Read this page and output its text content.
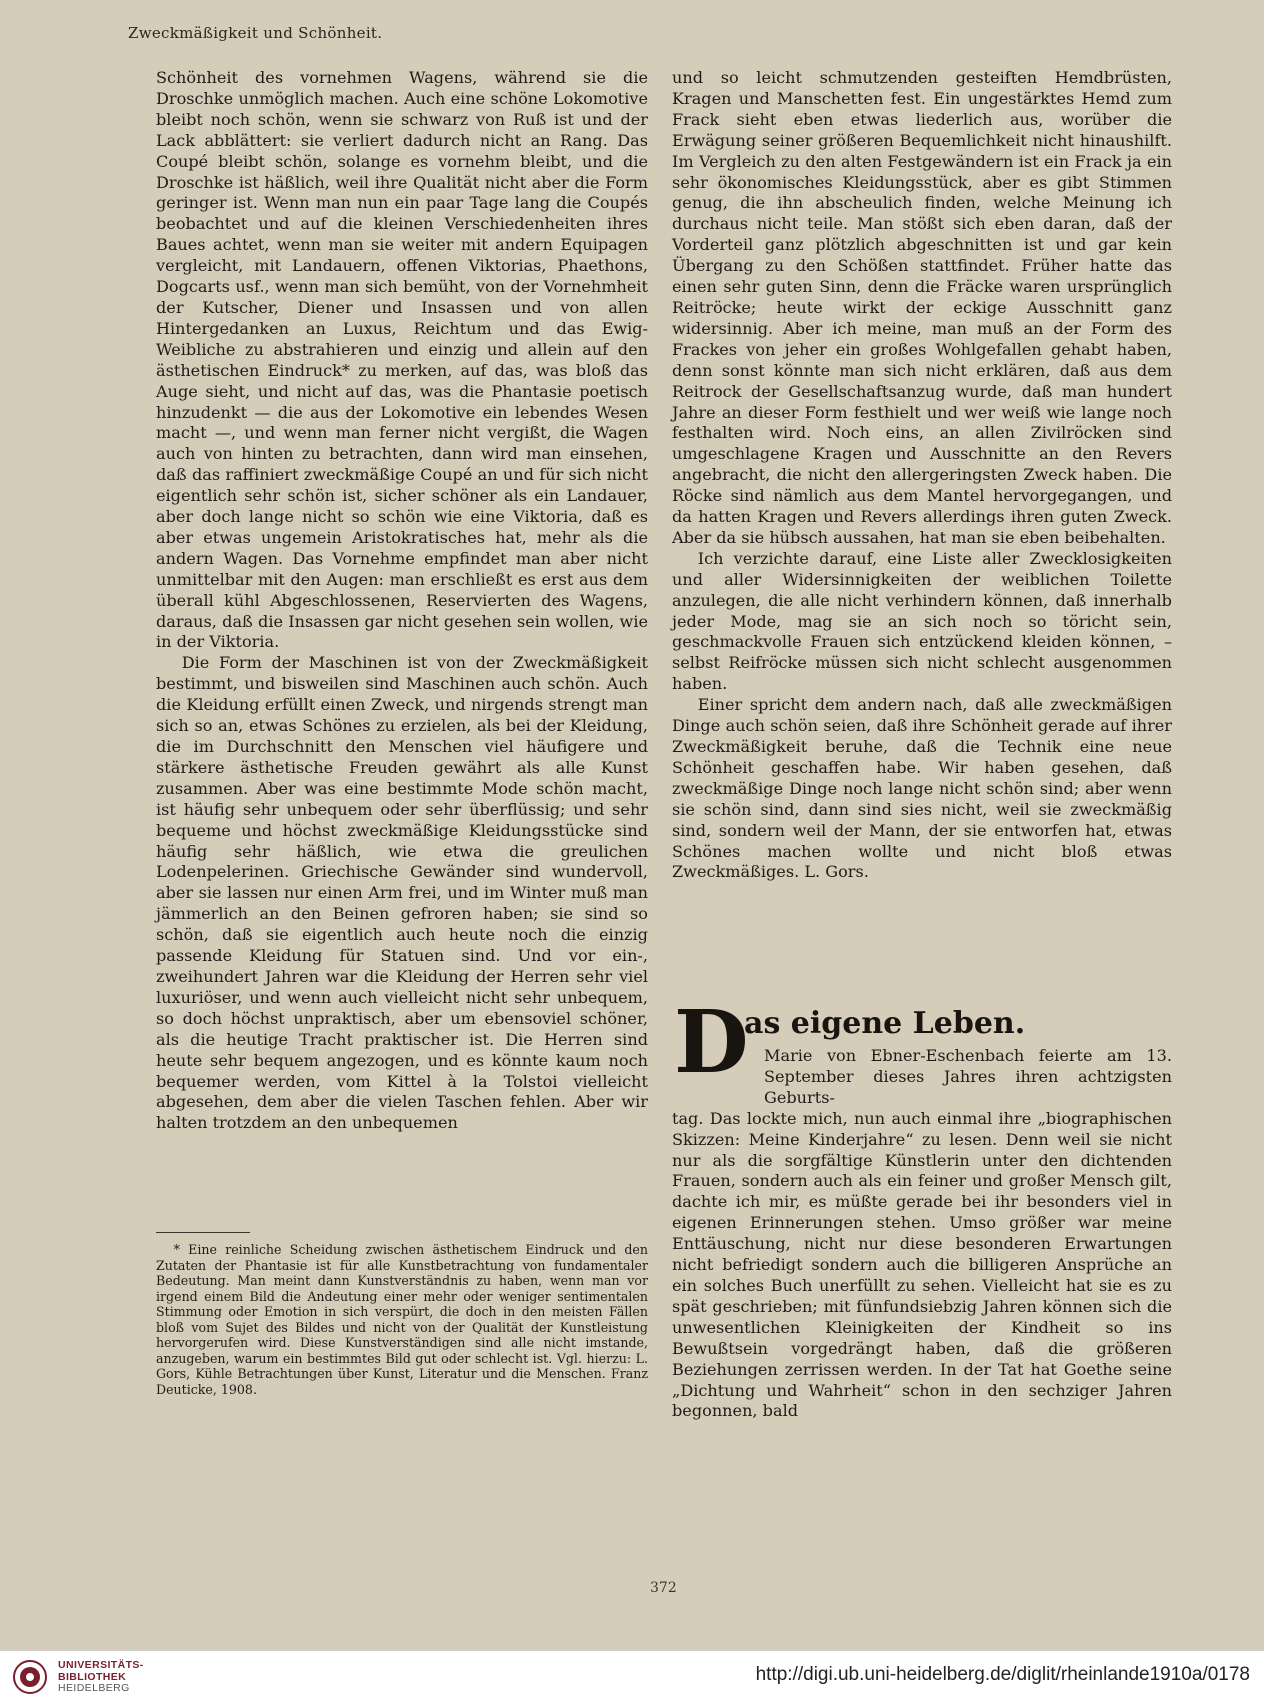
Zweckmäßigkeit und Schönheit.

Schönheit des vornehmen Wagens, während sie die Droschke unmöglich machen. Auch eine schöne Lokomotive bleibt noch schön, wenn sie schwarz von Ruß ist und der Lack abblättert: sie verliert dadurch nicht an Rang. Das Coupé bleibt schön, solange es vornehm bleibt, und die Droschke ist häßlich, weil ihre Qualität nicht aber die Form geringer ist. Wenn man nun ein paar Tage lang die Coupés beobachtet und auf die kleinen Verschiedenheiten ihres Baues achtet, wenn man sie weiter mit andern Equipagen vergleicht, mit Landauern, offenen Viktorias, Phaethons, Dogcarts usf., wenn man sich bemüht, von der Vornehmheit der Kutscher, Diener und Insassen und von allen Hintergedanken an Luxus, Reichtum und das Ewig-Weibliche zu abstrahieren und einzig und allein auf den ästhetischen Eindruck* zu merken, auf das, was bloß das Auge sieht, und nicht auf das, was die Phantasie poetisch hinzudenkt — die aus der Lokomotive ein lebendes Wesen macht —, und wenn man ferner nicht vergißt, die Wagen auch von hinten zu betrachten, dann wird man einsehen, daß das raffiniert zweckmäßige Coupé an und für sich nicht eigentlich sehr schön ist, sicher schöner als ein Landauer, aber doch lange nicht so schön wie eine Viktoria, daß es aber etwas ungemein Aristokratisches hat, mehr als die andern Wagen. Das Vornehme empfindet man aber nicht unmittelbar mit den Augen: man erschließt es erst aus dem überall kühl Abgeschlossenen, Reservierten des Wagens, daraus, daß die Insassen gar nicht gesehen sein wollen, wie in der Viktoria.

Die Form der Maschinen ist von der Zweckmäßigkeit bestimmt, und bisweilen sind Maschinen auch schön. Auch die Kleidung erfüllt einen Zweck, und nirgends strengt man sich so an, etwas Schönes zu erzielen, als bei der Kleidung, die im Durchschnitt den Menschen viel häufigere und stärkere ästhetische Freuden gewährt als alle Kunst zusammen. Aber was eine bestimmte Mode schön macht, ist häufig sehr unbequem oder sehr überflüssig; und sehr bequeme und höchst zweckmäßige Kleidungsstücke sind häufig sehr häßlich, wie etwa die greulichen Lodenpelerinen. Griechische Gewänder sind wundervoll, aber sie lassen nur einen Arm frei, und im Winter muß man jämmerlich an den Beinen gefroren haben; sie sind so schön, daß sie eigentlich auch heute noch die einzig passende Kleidung für Statuen sind. Und vor ein-, zweihundert Jahren war die Kleidung der Herren sehr viel luxuriöser, und wenn auch vielleicht nicht sehr unbequem, so doch höchst unpraktisch, aber um ebensoviel schöner, als die heutige Tracht praktischer ist. Die Herren sind heute sehr bequem angezogen, und es könnte kaum noch bequemer werden, vom Kittel à la Tolstoi vielleicht abgesehen, dem aber die vielen Taschen fehlen. Aber wir halten trotzdem an den unbequemen

* Eine reinliche Scheidung zwischen ästhetischem Eindruck und den Zutaten der Phantasie ist für alle Kunstbetrachtung von fundamentaler Bedeutung. Man meint dann Kunstverständnis zu haben, wenn man vor irgend einem Bild die Andeutung einer mehr oder weniger sentimentalen Stimmung oder Emotion in sich verspürt, die doch in den meisten Fällen bloß vom Sujet des Bildes und nicht von der Qualität der Kunstleistung hervorgerufen wird. Diese Kunstverständigen sind alle nicht imstande, anzugeben, warum ein bestimmtes Bild gut oder schlecht ist. Vgl. hierzu: L. Gors, Kühle Betrachtungen über Kunst, Literatur und die Menschen. Franz Deuticke, 1908.

und so leicht schmutzenden gesteiften Hemdbrüsten, Kragen und Manschetten fest. Ein ungestärktes Hemd zum Frack sieht eben etwas liederlich aus, worüber die Erwägung seiner größeren Bequemlichkeit nicht hinaushilft. Im Vergleich zu den alten Festgewändern ist ein Frack ja ein sehr ökonomisches Kleidungsstück, aber es gibt Stimmen genug, die ihn abscheulich finden, welche Meinung ich durchaus nicht teile. Man stößt sich eben daran, daß der Vorderteil ganz plötzlich abgeschnitten ist und gar kein Übergang zu den Schößen stattfindet. Früher hatte das einen sehr guten Sinn, denn die Fräcke waren ursprünglich Reitröcke; heute wirkt der eckige Ausschnitt ganz widersinnig. Aber ich meine, man muß an der Form des Frackes von jeher ein großes Wohlgefallen gehabt haben, denn sonst könnte man sich nicht erklären, daß aus dem Reitrock der Gesellschaftsanzug wurde, daß man hundert Jahre an dieser Form festhielt und wer weiß wie lange noch festhalten wird. Noch eins, an allen Zivilröcken sind umgeschlagene Kragen und Ausschnitte an den Revers angebracht, die nicht den allergeringsten Zweck haben. Die Röcke sind nämlich aus dem Mantel hervorgegangen, und da hatten Kragen und Revers allerdings ihren guten Zweck. Aber da sie hübsch aussahen, hat man sie eben beibehalten.

Ich verzichte darauf, eine Liste aller Zwecklosigkeiten und aller Widersinnigkeiten der weiblichen Toilette anzulegen, die alle nicht verhindern können, daß innerhalb jeder Mode, mag sie an sich noch so töricht sein, geschmackvolle Frauen sich entzückend kleiden können, – selbst Reifröcke müssen sich nicht schlecht ausgenommen haben.

Einer spricht dem andern nach, daß alle zweckmäßigen Dinge auch schön seien, daß ihre Schönheit gerade auf ihrer Zweckmäßigkeit beruhe, daß die Technik eine neue Schönheit geschaffen habe. Wir haben gesehen, daß zweckmäßige Dinge noch lange nicht schön sind; aber wenn sie schön sind, dann sind sies nicht, weil sie zweckmäßig sind, sondern weil der Mann, der sie entworfen hat, etwas Schönes machen wollte und nicht bloß etwas Zweckmäßiges. L. Gors.

D
as eigene Leben.
Marie von Ebner-Eschenbach feierte am 13. September dieses Jahres ihren achtzigsten Geburts-
tag. Das lockte mich, nun auch einmal ihre „biographischen Skizzen: Meine Kinderjahre“ zu lesen. Denn weil sie nicht nur als die sorgfältige Künstlerin unter den dichtenden Frauen, sondern auch als ein feiner und großer Mensch gilt, dachte ich mir, es müßte gerade bei ihr besonders viel in eigenen Erinnerungen stehen. Umso größer war meine Enttäuschung, nicht nur diese besonderen Erwartungen nicht befriedigt sondern auch die billigeren Ansprüche an ein solches Buch unerfüllt zu sehen. Vielleicht hat sie es zu spät geschrieben; mit fünfundsiebzig Jahren können sich die unwesentlichen Kleinigkeiten der Kindheit so ins Bewußtsein vorgedrängt haben, daß die größeren Beziehungen zerrissen werden. In der Tat hat Goethe seine „Dichtung und Wahrheit“ schon in den sechziger Jahren begonnen, bald
372
UNIVERSITÄTS-
BIBLIOTHEK
HEIDELBERG
http://digi.ub.uni-heidelberg.de/diglit/rheinlande1910a/0178
